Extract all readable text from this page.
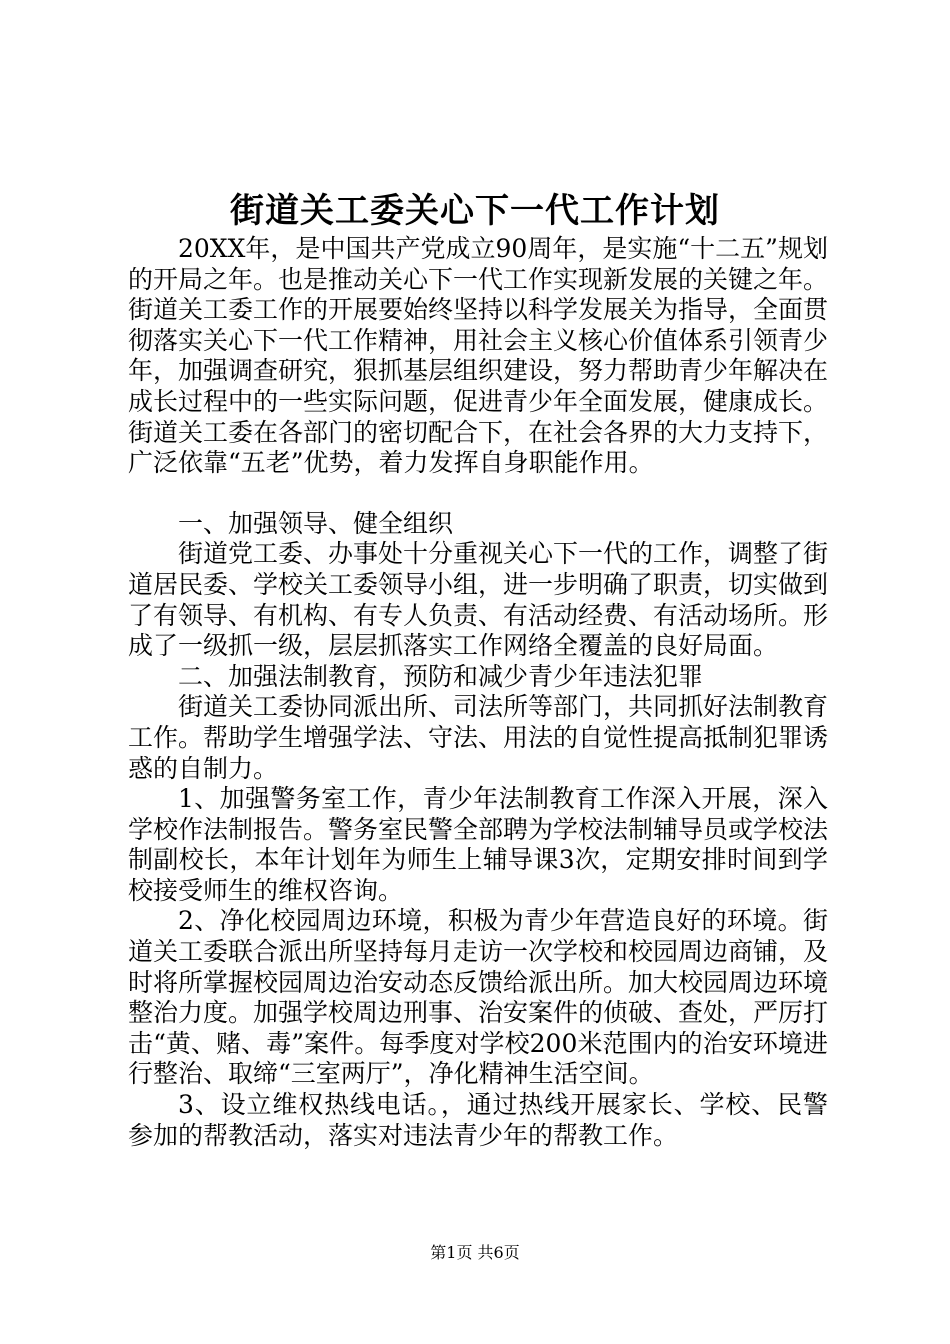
街道关工委关心下一代工作计划

20XX年，是中国共产党成立90周年，是实施“十二五”规划的开局之年。也是推动关心下一代工作实现新发展的关键之年。街道关工委工作的开展要始终坚持以科学发展关为指导，全面贯彻落实关心下一代工作精神，用社会主义核心价值体系引领青少年，加强调查研究，狠抓基层组织建设，努力帮助青少年解决在成长过程中的一些实际问题，促进青少年全面发展，健康成长。街道关工委在各部门的密切配合下，在社会各界的大力支持下，广泛依靠“五老”优势，着力发挥自身职能作用。

一、加强领导、健全组织

街道党工委、办事处十分重视关心下一代的工作，调整了街道居民委、学校关工委领导小组，进一步明确了职责，切实做到了有领导、有机构、有专人负责、有活动经费、有活动场所。形成了一级抓一级，层层抓落实工作网络全覆盖的良好局面。

二、加强法制教育，预防和减少青少年违法犯罪

街道关工委协同派出所、司法所等部门，共同抓好法制教育工作。帮助学生增强学法、守法、用法的自觉性提高抵制犯罪诱惑的自制力。

1、加强警务室工作，青少年法制教育工作深入开展，深入学校作法制报告。警务室民警全部聘为学校法制辅导员或学校法制副校长，本年计划年为师生上辅导课3次，定期安排时间到学校接受师生的维权咨询。

2、净化校园周边环境，积极为青少年营造良好的环境。街道关工委联合派出所坚持每月走访一次学校和校园周边商铺，及时将所掌握校园周边治安动态反馈给派出所。加大校园周边环境整治力度。加强学校周边刑事、治安案件的侦破、查处，严厉打击“黄、赌、毒”案件。每季度对学校200米范围内的治安环境进行整治、取缔“三室两厅”，净化精神生活空间。

3、设立维权热线电话。，通过热线开展家长、学校、民警参加的帮教活动，落实对违法青少年的帮教工作。

第1页 共6页
